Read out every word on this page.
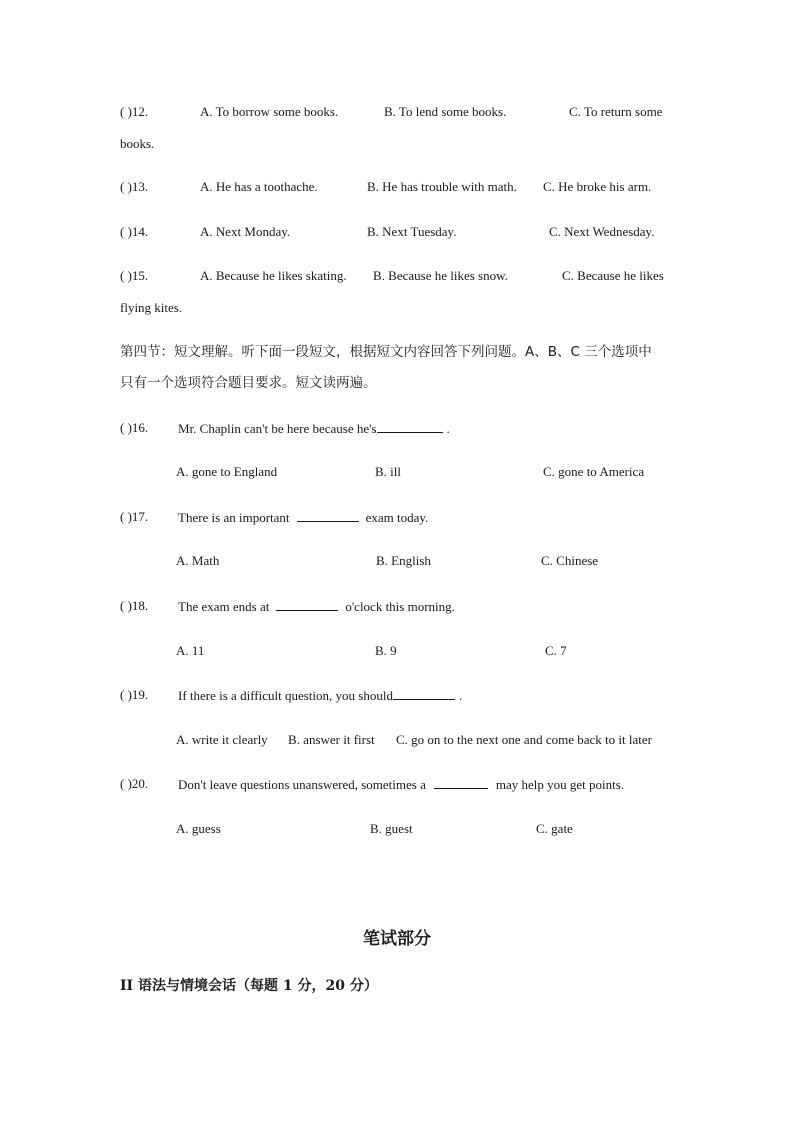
( )12.	A. To borrow some books.	B. To lend some books.	C. To return some
books.
( )13.	A. He has a toothache.	B. He has trouble with math. C. He broke his arm.
( )14.	A. Next Monday.	B. Next Tuesday.	C. Next Wednesday.
( )15.	A. Because he likes skating. B. Because he likes snow.	C. Because he likes
flying kites.
第四节：短文理解。听下面一段短文，根据短文内容回答下列问题。A、B、C 三个选项中
只有一个选项符合题目要求。短文读两遍。
( )16. Mr. Chaplin can't be here because he's	.
A. gone to England	B. ill	C. gone to America
( )17. There is an important	exam today.
A. Math	B. English	C. Chinese
( )18. The exam ends at	o'clock this morning.
A. 11	B. 9	C. 7
( )19. If there is a difficult question, you should	.
A. write it clearly B. answer it first C. go on to the next one and come back to it later
( )20. Don't leave questions unanswered, sometimes a	may help you get points.
A. guess	B. guest	C. gate
笔试部分
II 语法与情境会话（每题 1 分，20 分）
